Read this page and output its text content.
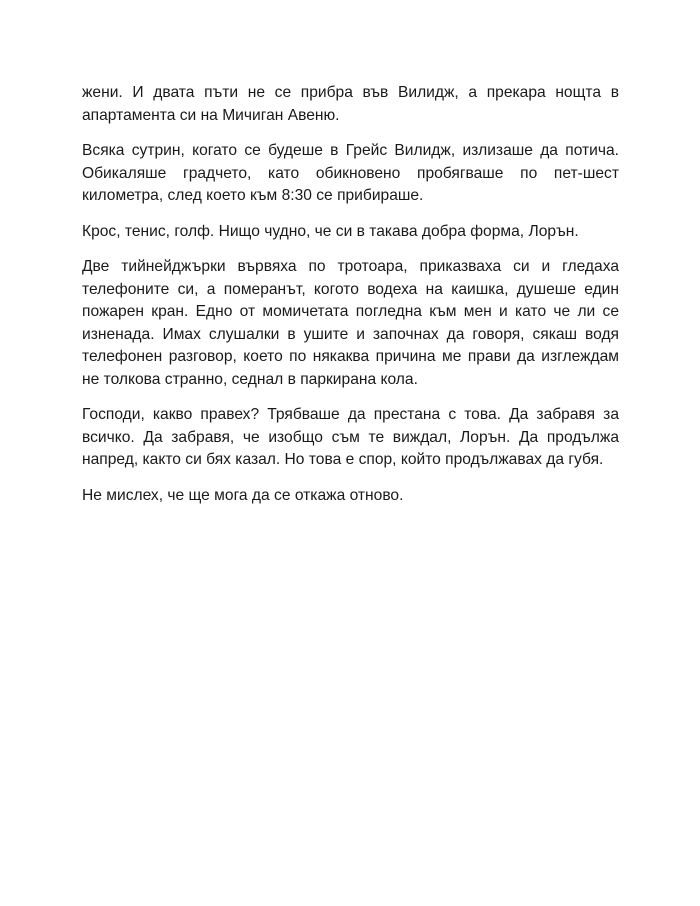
жени. И двата пъти не се прибра във Вилидж, а прекара нощта в апартамента си на Мичиган Авеню.

Всяка сутрин, когато се будеше в Грейс Вилидж, излизаше да потича. Обикаляше градчето, като обикновено пробягваше по пет-шест километра, след което към 8:30 се прибираше.

Крос, тенис, голф. Нищо чудно, че си в такава добра форма, Лорън.

Две тийнейджърки вървяха по тротоара, приказваха си и гледаха телефоните си, а померанът, когото водеха на каишка, душеше един пожарен кран. Едно от момичетата погледна към мен и като че ли се изненада. Имах слушалки в ушите и започнах да говоря, сякаш водя телефонен разговор, което по някаква причина ме прави да изглеждам не толкова странно, седнал в паркирана кола.

Господи, какво правех? Трябваше да престана с това. Да забравя за всичко. Да забравя, че изобщо съм те виждал, Лорън. Да продължа напред, както си бях казал. Но това е спор, който продължавах да губя.

Не мислех, че ще мога да се откажа отново.
